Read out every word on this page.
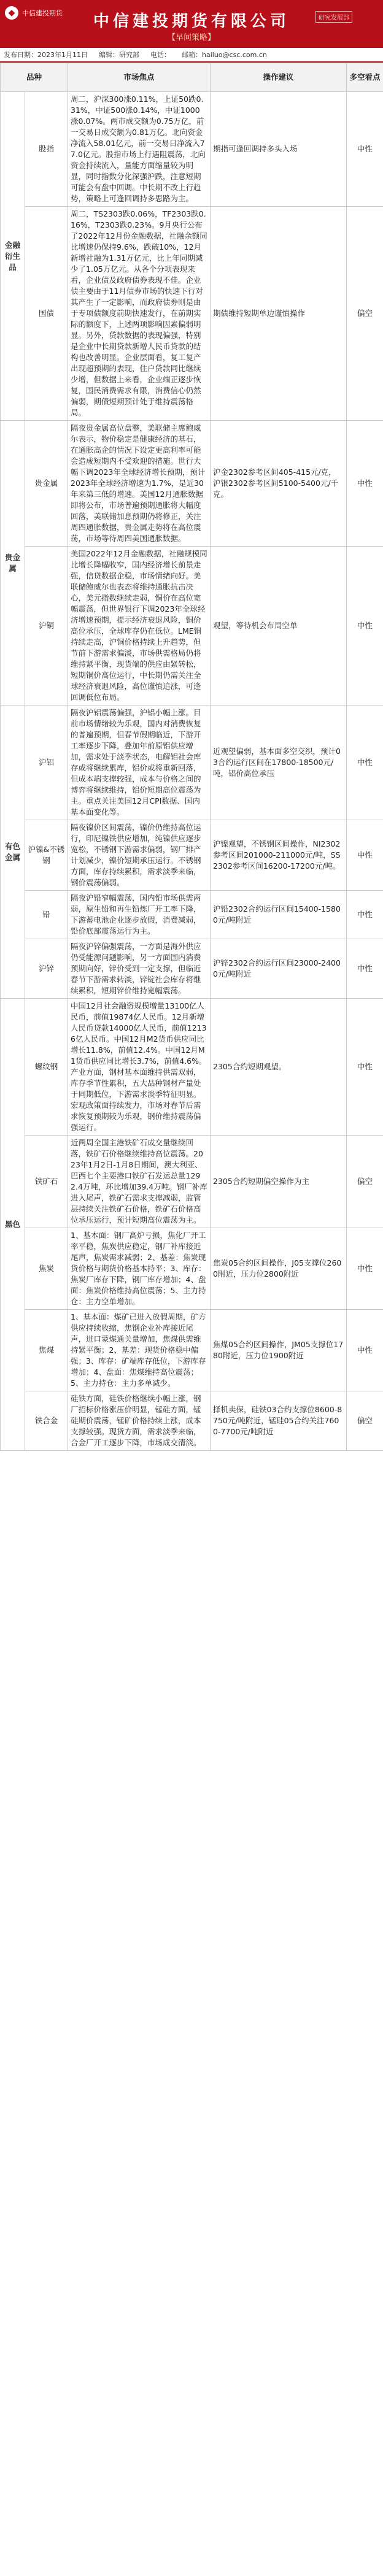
◆	中信建投期货	中信建投期货有限公司
【早间策略】
研究发展部
发布日期：2023年1月11日 编辑：研究部 电话： 邮箱：hailuo@csc.com.cn
品种		市场焦点	操作建议	多空看点
金融衍生品	股指	周二，沪深300涨0.11%，上证50跌0.31%，中证500涨0.14%，中证1000涨0.07%。两市成交额为0.75万亿，前一交易日成交额为0.81万亿。北向资金净流入58.01亿元，前一交易日净流入77.0亿元。股指市场上行遇阻震荡，北向资金持续流入，量能方面缩量较为明显，同时指数分化深强沪跌，注意短期可能会有盘中回调。中长期不改上行趋势，策略上可逢回调持多思路为主。	期指可逢回调持多头入场	中性
	国债	周二，TS2303跌0.06%，TF2303跌0.16%，T2303跌0.23%。9月央行公布了2022年12月份金融数据，社融余额同比增速仍保持9.6%，跌破10%，12月新增社融为1.31万亿元，比上年同期减少了1.05万亿元。从各个分项表现来看，企业债及政府债券表现不佳。企业债主要由于11月债券市场的快速下行对其产生了一定影响，而政府债券则是由于专项债额度前期快速发行，在前期实际的额度下，上述两项影响因素偏弱明显。另外，贷款数据的表现偏强，特别是企业中长期贷款新增人民币贷款的结构也改善明显。企业层面看，复工复产出现超预期的表现，住户贷款同比继续少增，但数据上来看，企业端正逐步恢复，国民消费需求有限，消费信心仍然偏弱，期债短期预计处于维持震荡格局。	期债维持短期单边谨慎操作	偏空
贵金属	贵金属	隔夜贵金属高位盘整，美联储主席鲍威尔表示，物价稳定是健康经济的基石，在通胀高企的情况下设定更高利率可能会造成短期内不受欢迎的措施。世行大幅下调2023年全球经济增长预期，预计2023年全球经济增速为1.7%，是近30年来第三低的增速。美国12月通胀数据即将公布，市场普遍预期通胀将大幅度回落，美联储加息预期仍将修正，关注周四通胀数据，贵金属走势将在高位震荡，市场等待周四美国通胀数据。	沪金2302参考区间405-415元/克，沪银2302参考区间5100-5400元/千克。	中性
	沪铜	美国2022年12月金融数据，社融规模同比增长降幅收窄，国内经济增长前景走强，信贷数据企稳，市场情绪向好。美联储鲍威尔也表态将维持通胀抗击决心，美元指数继续走弱，铜价在高位宽幅震荡，但世界银行下调2023年全球经济增速预期，提示经济衰退风险，铜价高位承压，全球库存仍在低位。LME铜持续走高，沪铜价格持续上升趋势，但节前下游需求偏淡，市场供需格局仍将维持紧平衡，现货端的供应由紧转松，短期铜价高位运行，中长期仍需关注全球经济衰退风险，高位谨慎追涨，可逢回调低位布局。	观望，等待机会布局空单	中性
有色金属	沪铝	隔夜沪铝震荡偏强，沪铝小幅上涨。目前市场情绪较为乐观，国内对消费恢复的普遍预期，但春节假期临近，下游开工率逐步下降，叠加年前原铝供应增加，需求处于淡季状态，电解铝社会库存或将继续累库，铝价或将重新回落，但成本端支撑较强，成本与价格之间的博弈将继续维持，铝价短期高位震荡为主。重点关注美国12月CPI数据、国内基本面变化等。	近观望偏弱，基本面多空交织，预计03合约运行区间在17800-18500元/吨，铝价高位承压	中性
	沪镍&不锈钢	隔夜镍价区间震荡，镍价仍维持高位运行，印尼镍铁供应增加，纯镍供应逐步宽松，不锈钢下游需求偏弱，钢厂排产计划减少，镍价短期承压运行。不锈钢方面，库存持续累积，需求淡季来临，钢价震荡偏弱。	沪镍观望，不锈钢区间操作，NI2302参考区间201000-211000元/吨，SS2302参考区间16200-17200元/吨。	中性
	铅	隔夜沪铅窄幅震荡，国内铅市场供需两弱，原生铅和再生铅炼厂开工率下降，下游蓄电池企业逐步放假，消费减弱，铅价底部震荡运行为主。	沪铅2302合约运行区间15400-15800元/吨附近	中性
	沪锌	隔夜沪锌偏强震荡，一方面是海外供应仍受能源问题影响，另一方面国内消费预期向好，锌价受到一定支撑，但临近春节下游需求转淡，锌锭社会库存将继续累积，短期锌价维持宽幅震荡。	沪锌2302合约运行区间23000-24000元/吨附近	中性
黑色	螺纹钢	中国12月社会融资规模增量13100亿人民币，前值19874亿人民币。12月新增人民币贷款14000亿人民币，前值12136亿人民币。中国12月M2货币供应同比增长11.8%，前值12.4%。中国12月M1货币供应同比增长3.7%，前值4.6%。产业方面，钢材基本面维持供需双弱，库存季节性累积，五大品种钢材产量处于同期低位，下游需求淡季特征明显。宏观政策面持续发力，市场对春节后需求恢复预期较为乐观，钢价维持震荡偏强运行。	2305合约短期观望。	中性
	铁矿石	近两周全国主港铁矿石成交量继续回落，铁矿石价格继续维持高位震荡。2023年1月2日-1月8日期间，澳大利亚、巴西七个主要港口铁矿石发运总量1292.4万吨，环比增加39.4万吨。钢厂补库进入尾声，铁矿石需求支撑减弱，监管层持续关注铁矿石价格，铁矿石价格高位承压运行，预计短期高位震荡为主。	2305合约短期偏空操作为主	偏空
	焦炭	1、基本面：钢厂高炉亏损，焦化厂开工率平稳，焦炭供应稳定，钢厂补库接近尾声，焦炭需求减弱；2、基差：焦炭现货价格与期货价格基本持平；3、库存：焦炭厂库存下降，钢厂库存增加；4、盘面：焦炭价格维持高位震荡；5、主力持仓：主力空单增加。	焦炭05合约区间操作，J05支撑位2600附近，压力位2800附近	中性
	焦煤	1、基本面：煤矿已进入放假周期，矿方供应持续收缩，焦钢企业补库接近尾声，进口蒙煤通关量增加，焦煤供需维持紧平衡；2、基差：现货价格稳中偏强；3、库存：矿端库存低位，下游库存增加；4、盘面：焦煤维持高位震荡；5、主力持仓：主力多单减少。	焦煤05合约区间操作，JM05支撑位1780附近，压力位1900附近	中性
	铁合金	硅铁方面，硅铁价格继续小幅上涨，钢厂招标价格涨压价明显，锰硅方面，锰硅期价震荡，锰矿价格持续上涨，成本支撑较强。现货方面，需求淡季来临，合金厂开工逐步下降，市场成交清淡。	择机卖保，硅铁03合约支撑位8600-8750元/吨附近，锰硅05合约关注7600-7700元/吨附近	偏空
